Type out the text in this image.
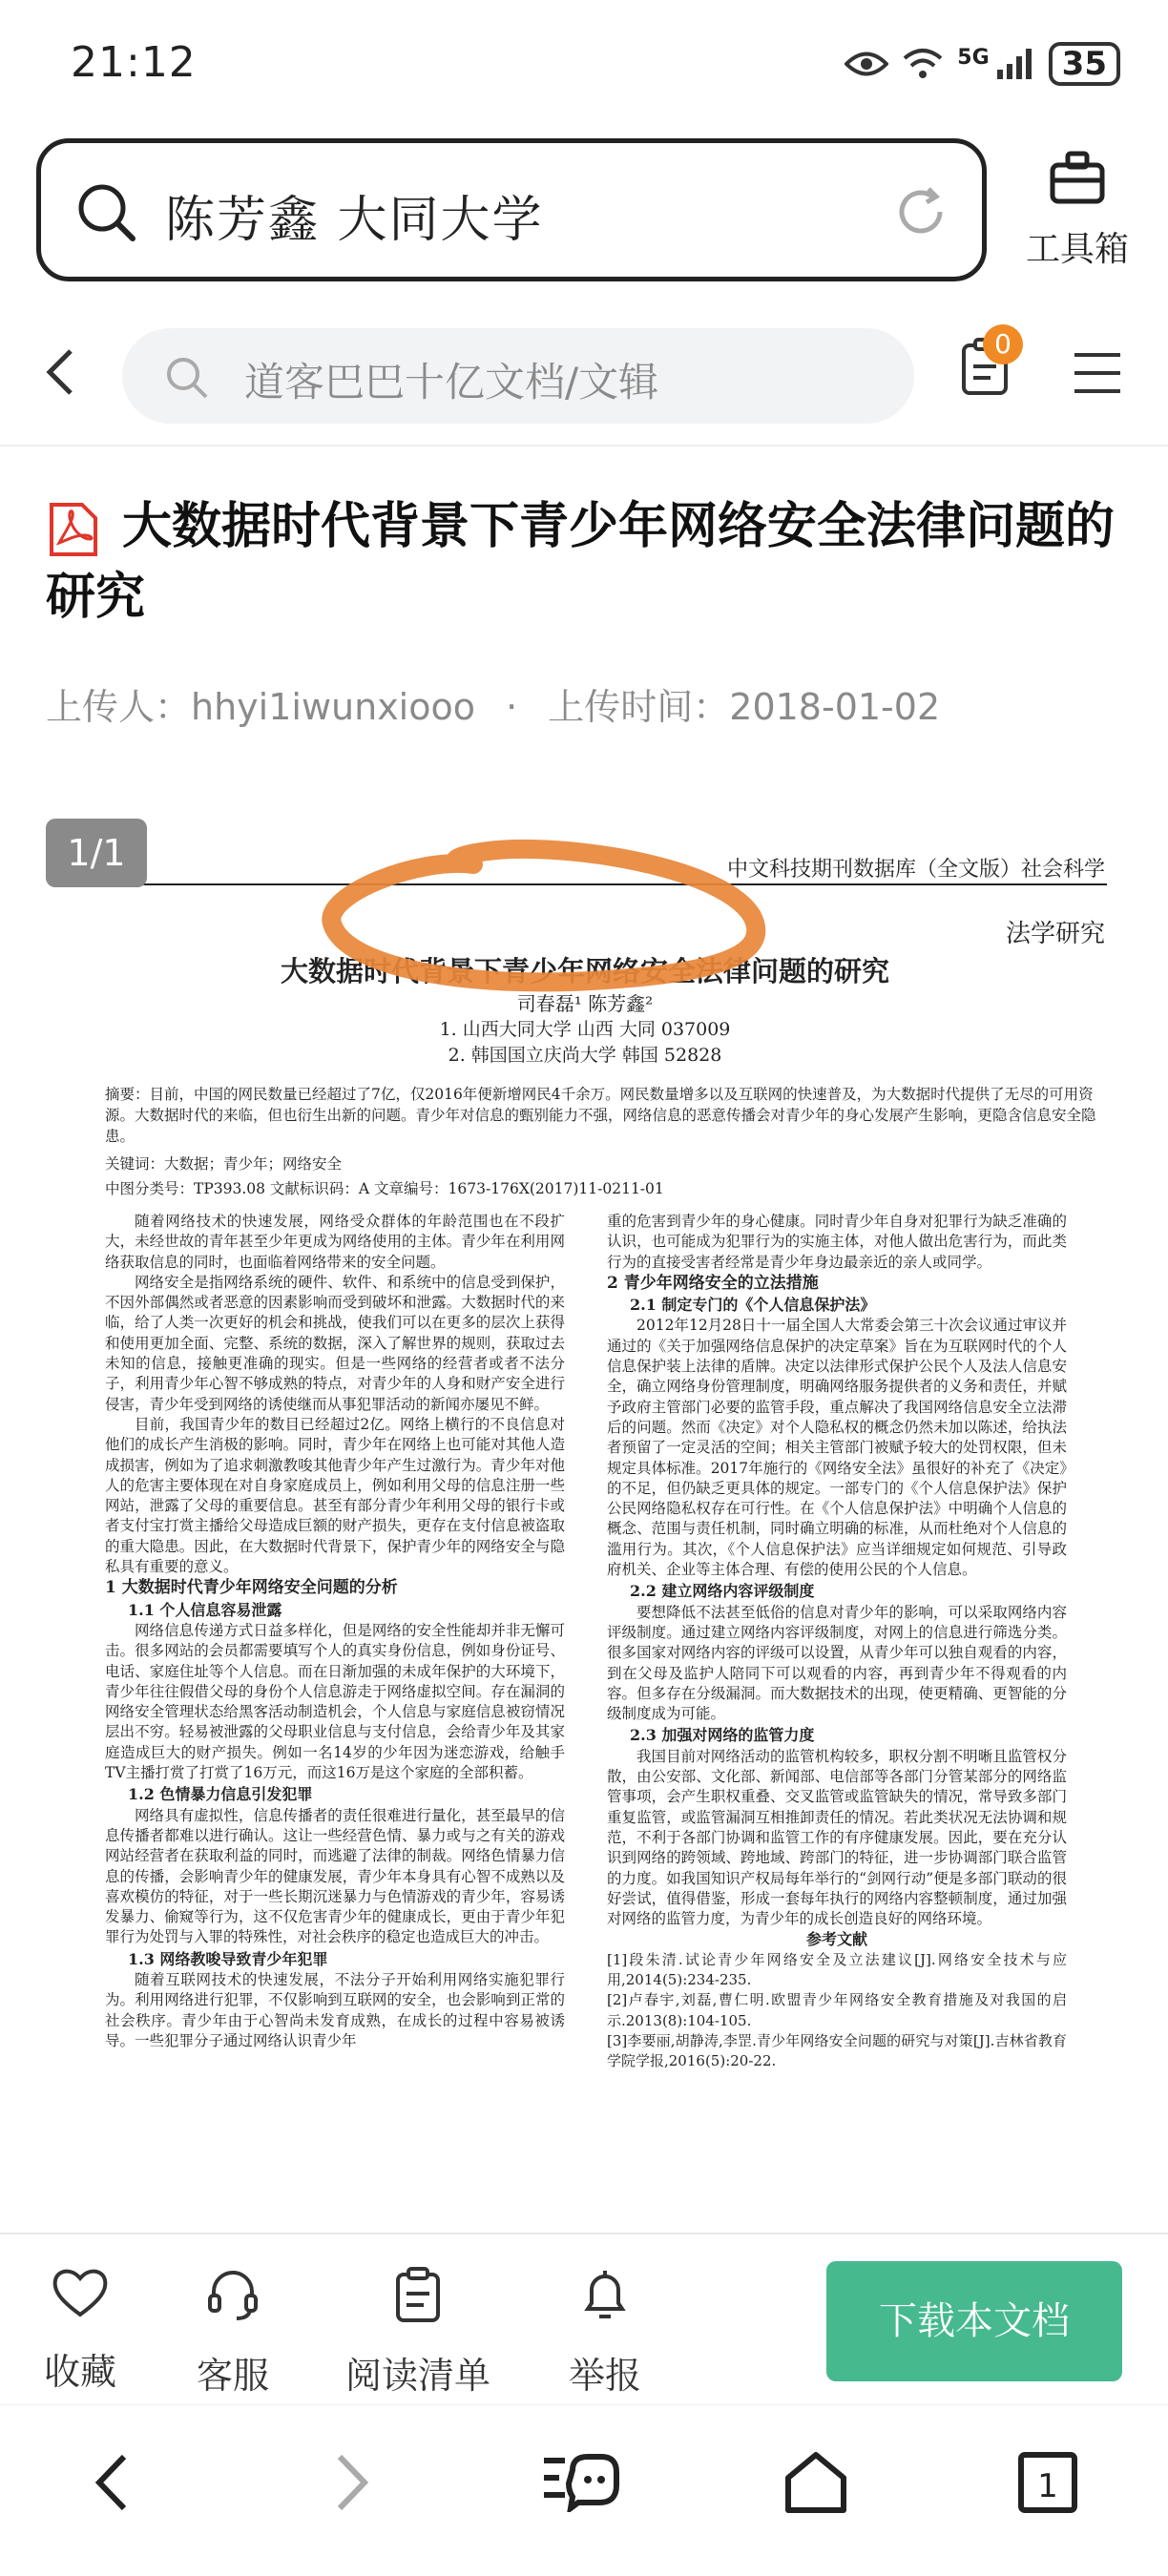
21:12	5G	35
陈芳鑫 大同大学
工具箱
道客巴巴十亿文档/文辑
0
大数据时代背景下青少年网络安全法律问题的研究
上传人：hhyi1iwunxiooo · 上传时间：2018-01-02
中文科技期刊数据库（全文版）社会科学
法学研究
大数据时代背景下青少年网络安全法律问题的研究
司春磊¹ 陈芳鑫²
1. 山西大同大学 山西 大同 037009
2. 韩国国立庆尚大学 韩国 52828
摘要：目前，中国的网民数量已经超过了7亿，仅2016年便新增网民4千余万。网民数量增多以及互联网的快速普及，为大数据时代提供了无尽的可用资源。大数据时代的来临，但也衍生出新的问题。青少年对信息的甄别能力不强，网络信息的恶意传播会对青少年的身心发展产生影响，更隐含信息安全隐患。
关键词：大数据；青少年；网络安全
中图分类号：TP393.08 文献标识码：A 文章编号：1673-176X(2017)11-0211-01

随着网络技术的快速发展，网络受众群体的年龄范围也在不段扩大，未经世故的青年甚至少年更成为网络使用的主体。青少年在利用网络获取信息的同时，也面临着网络带来的安全问题。

网络安全是指网络系统的硬件、软件、和系统中的信息受到保护，不因外部偶然或者恶意的因素影响而受到破坏和泄露。大数据时代的来临，给了人类一次更好的机会和挑战，使我们可以在更多的层次上获得和使用更加全面、完整、系统的数据，深入了解世界的规则，获取过去未知的信息，接触更准确的现实。但是一些网络的经营者或者不法分子，利用青少年心智不够成熟的特点，对青少年的人身和财产安全进行侵害，青少年受到网络的诱使继而从事犯罪活动的新闻亦屡见不鲜。

目前，我国青少年的数目已经超过2亿。网络上横行的不良信息对他们的成长产生消极的影响。同时，青少年在网络上也可能对其他人造成损害，例如为了追求刺激教唆其他青少年产生过激行为。青少年对他人的危害主要体现在对自身家庭成员上，例如利用父母的信息注册一些网站，泄露了父母的重要信息。甚至有部分青少年利用父母的银行卡或者支付宝打赏主播给父母造成巨额的财产损失，更存在支付信息被盗取的重大隐患。因此，在大数据时代背景下，保护青少年的网络安全与隐私具有重要的意义。

1 大数据时代青少年网络安全问题的分析
1.1 个人信息容易泄露

网络信息传递方式日益多样化，但是网络的安全性能却并非无懈可击。很多网站的会员都需要填写个人的真实身份信息，例如身份证号、电话、家庭住址等个人信息。而在日渐加强的未成年保护的大环境下，青少年往往假借父母的身份个人信息游走于网络虚拟空间。存在漏洞的网络安全管理状态给黑客活动制造机会，个人信息与家庭信息被窃情况层出不穷。轻易被泄露的父母职业信息与支付信息，会给青少年及其家庭造成巨大的财产损失。例如一名14岁的少年因为迷恋游戏，给触手TV主播打赏了打赏了16万元，而这16万是这个家庭的全部积蓄。

1.2 色情暴力信息引发犯罪

网络具有虚拟性，信息传播者的责任很难进行量化，甚至最早的信息传播者都难以进行确认。这让一些经营色情、暴力或与之有关的游戏网站经营者在获取利益的同时，而逃避了法律的制裁。网络色情暴力信息的传播，会影响青少年的健康发展，青少年本身具有心智不成熟以及喜欢模仿的特征，对于一些长期沉迷暴力与色情游戏的青少年，容易诱发暴力、偷窥等行为，这不仅危害青少年的健康成长，更由于青少年犯罪行为处罚与入罪的特殊性，对社会秩序的稳定也造成巨大的冲击。

1.3 网络教唆导致青少年犯罪

随着互联网技术的快速发展，不法分子开始利用网络实施犯罪行为。利用网络进行犯罪，不仅影响到互联网的安全，也会影响到正常的社会秩序。青少年由于心智尚未发育成熟，在成长的过程中容易被诱导。一些犯罪分子通过网络认识青少年

重的危害到青少年的身心健康。同时青少年自身对犯罪行为缺乏准确的认识，也可能成为犯罪行为的实施主体，对他人做出危害行为，而此类行为的直接受害者经常是青少年身边最亲近的亲人或同学。

2 青少年网络安全的立法措施
2.1 制定专门的《个人信息保护法》

2012年12月28日十一届全国人大常委会第三十次会议通过审议并通过的《关于加强网络信息保护的决定草案》旨在为互联网时代的个人信息保护装上法律的盾牌。决定以法律形式保护公民个人及法人信息安全，确立网络身份管理制度，明确网络服务提供者的义务和责任，并赋予政府主管部门必要的监管手段，重点解决了我国网络信息安全立法滞后的问题。然而《决定》对个人隐私权的概念仍然未加以陈述，给执法者预留了一定灵活的空间；相关主管部门被赋予较大的处罚权限，但未规定具体标准。2017年施行的《网络安全法》虽很好的补充了《决定》的不足，但仍缺乏更具体的规定。一部专门的《个人信息保护法》保护公民网络隐私权存在可行性。在《个人信息保护法》中明确个人信息的概念、范围与责任机制，同时确立明确的标准，从而杜绝对个人信息的滥用行为。其次，《个人信息保护法》应当详细规定如何规范、引导政府机关、企业等主体合理、有偿的使用公民的个人信息。

2.2 建立网络内容评级制度

要想降低不法甚至低俗的信息对青少年的影响，可以采取网络内容评级制度。通过建立网络内容评级制度，对网上的信息进行筛选分类。很多国家对网络内容的评级可以设置，从青少年可以独自观看的内容，到在父母及监护人陪同下可以观看的内容，再到青少年不得观看的内容。但多存在分级漏洞。而大数据技术的出现，使更精确、更智能的分级制度成为可能。

2.3 加强对网络的监管力度

我国目前对网络活动的监管机构较多，职权分割不明晰且监管权分散，由公安部、文化部、新闻部、电信部等各部门分管某部分的网络监管事项，会产生职权重叠、交叉监管或监管缺失的情况，常导致多部门重复监管，或监管漏洞互相推卸责任的情况。若此类状况无法协调和规范，不利于各部门协调和监管工作的有序健康发展。因此，要在充分认识到网络的跨领域、跨地域、跨部门的特征，进一步协调部门联合监管的力度。如我国知识产权局每年举行的“剑网行动”便是多部门联动的很好尝试，值得借鉴，形成一套每年执行的网络内容整顿制度，通过加强对网络的监管力度，为青少年的成长创造良好的网络环境。

参考文献

[1]段朱清.试论青少年网络安全及立法建议[J].网络安全技术与应用,2014(5):234-235.

[2]卢春宇,刘磊,曹仁明.欧盟青少年网络安全教育措施及对我国的启示.2013(8):104-105.

[3]李要丽,胡静涛,李罡.青少年网络安全问题的研究与对策[J].吉林省教育学院学报,2016(5):20-22.

1/1
收藏 客服 阅读清单 举报
下载本文档
1
